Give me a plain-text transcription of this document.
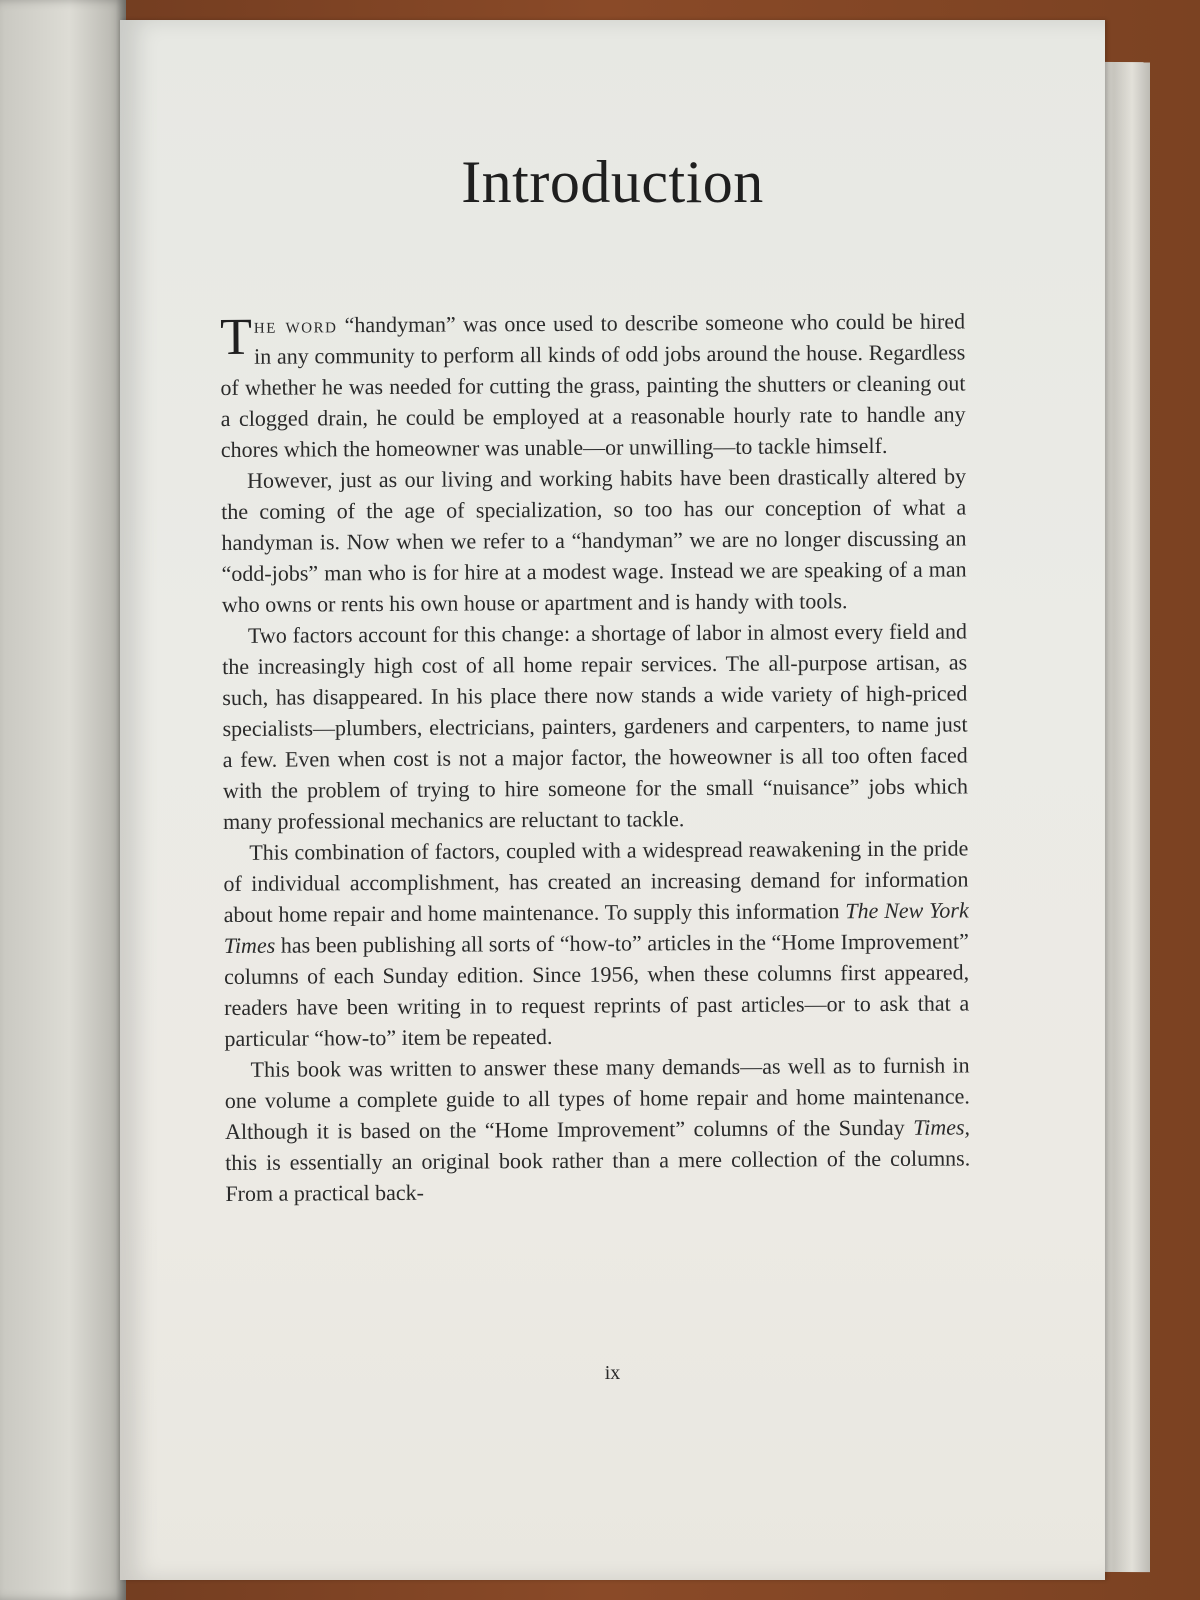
Introduction

The word “handyman” was once used to describe someone who could be hired in any community to perform all kinds of odd jobs around the house. Regardless of whether he was needed for cutting the grass, painting the shutters or cleaning out a clogged drain, he could be employed at a reasonable hourly rate to handle any chores which the homeowner was unable—or unwilling—to tackle himself.

However, just as our living and working habits have been drastically altered by the coming of the age of specialization, so too has our conception of what a handyman is. Now when we refer to a “handyman” we are no longer discussing an “odd-jobs” man who is for hire at a modest wage. Instead we are speaking of a man who owns or rents his own house or apartment and is handy with tools.

Two factors account for this change: a shortage of labor in almost every field and the increasingly high cost of all home repair services. The all-purpose artisan, as such, has disappeared. In his place there now stands a wide variety of high-priced specialists—plumbers, electricians, painters, gardeners and carpenters, to name just a few. Even when cost is not a major factor, the howeowner is all too often faced with the problem of trying to hire someone for the small “nuisance” jobs which many professional mechanics are reluctant to tackle.

This combination of factors, coupled with a widespread reawakening in the pride of individual accomplishment, has created an increasing demand for information about home repair and home maintenance. To supply this information The New York Times has been publishing all sorts of “how-to” articles in the “Home Improvement” columns of each Sunday edition. Since 1956, when these columns first appeared, readers have been writing in to request reprints of past articles—or to ask that a particular “how-to” item be repeated.

This book was written to answer these many demands—as well as to furnish in one volume a complete guide to all types of home repair and home maintenance. Although it is based on the “Home Improvement” columns of the Sunday Times, this is essentially an original book rather than a mere collection of the columns. From a practical back-

ix
